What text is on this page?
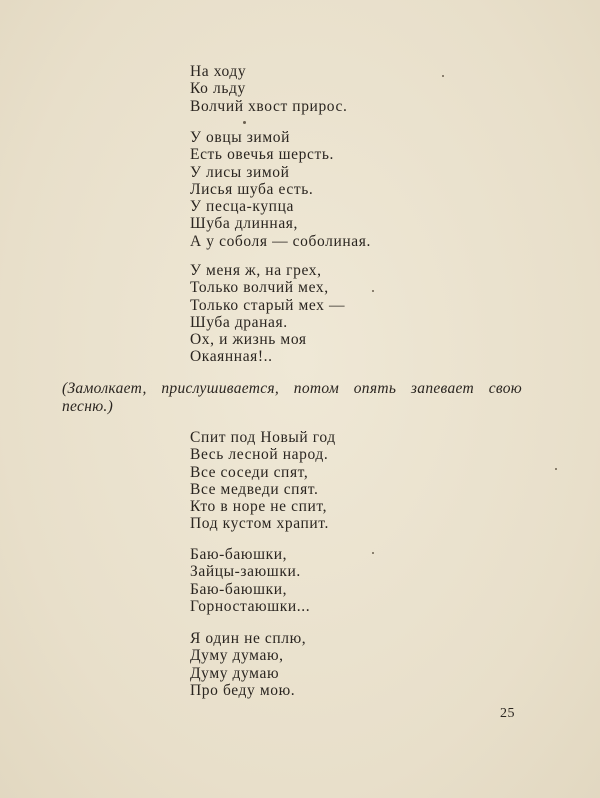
На ходу
Ко льду
Волчий хвост прирос.
У овцы зимой
Есть овечья шерсть.
У лисы зимой
Лисья шуба есть.
У песца-купца
Шуба длинная,
А у соболя — соболиная.
У меня ж, на грех,
Только волчий мех,
Только старый мех —
Шуба драная.
Ох, и жизнь моя
Окаянная!..

(Замолкает, прислушивается, потом опять запевает свою песню.)

Спит под Новый год
Весь лесной народ.
Все соседи спят,
Все медведи спят.
Кто в норе не спит,
Под кустом храпит.
Баю-баюшки,
Зайцы-заюшки.
Баю-баюшки,
Горностаюшки...
Я один не сплю,
Думу думаю,
Думу думаю
Про беду мою.
25
